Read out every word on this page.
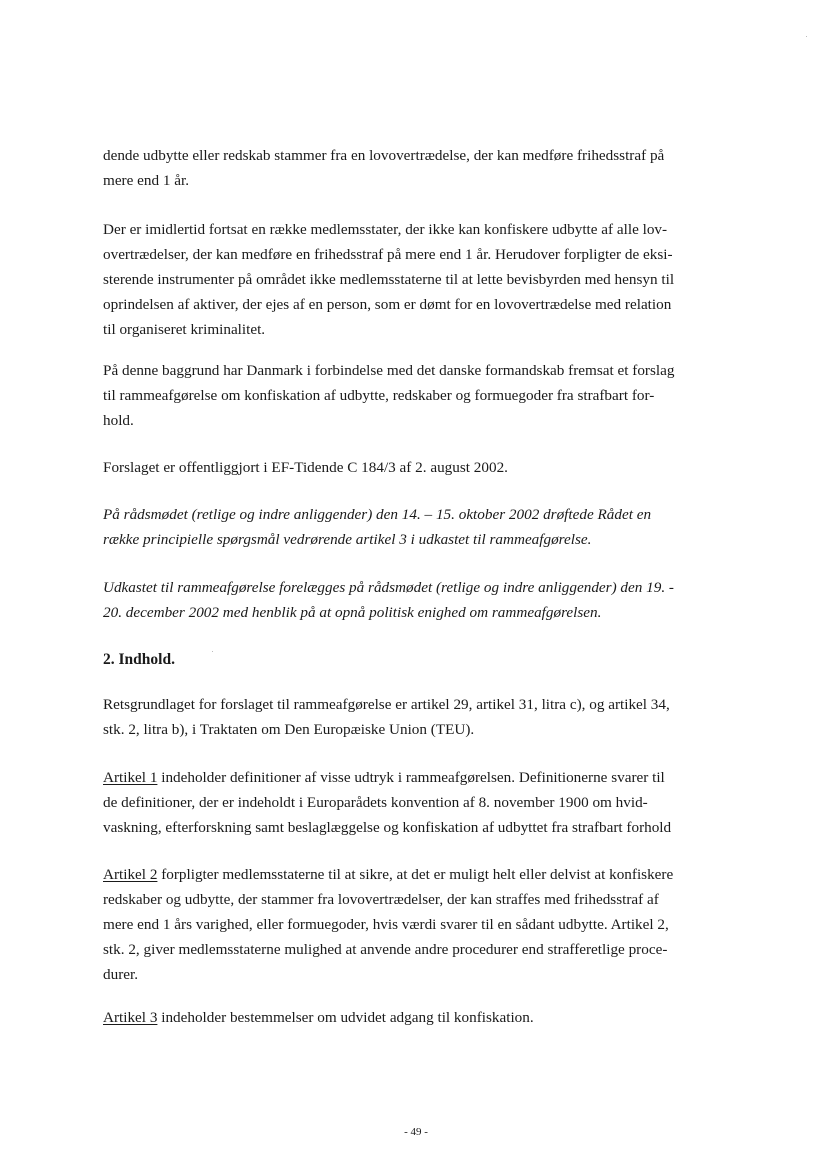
dende udbytte eller redskab stammer fra en lovovertrædelse, der kan medføre frihedsstraf på
mere end 1 år.

Der er imidlertid fortsat en række medlemsstater, der ikke kan konfiskere udbytte af alle lov-
overtrædelser, der kan medføre en frihedsstraf på mere end 1 år. Herudover forpligter de eksi-
sterende instrumenter på området ikke medlemsstaterne til at lette bevisbyrden med hensyn til
oprindelsen af aktiver, der ejes af en person, som er dømt for en lovovertrædelse med relation
til organiseret kriminalitet.

På denne baggrund har Danmark i forbindelse med det danske formandskab fremsat et forslag
til rammeafgørelse om konfiskation af udbytte, redskaber og formuegoder fra strafbart for-
hold.

Forslaget er offentliggjort i EF-Tidende C 184/3 af 2. august 2002.

På rådsmødet (retlige og indre anliggender) den 14. – 15. oktober 2002 drøftede Rådet en
række principielle spørgsmål vedrørende artikel 3 i udkastet til rammeafgørelse.

Udkastet til rammeafgørelse forelægges på rådsmødet (retlige og indre anliggender) den 19. -
20. december 2002 med henblik på at opnå politisk enighed om rammeafgørelsen.

2. Indhold.

Retsgrundlaget for forslaget til rammeafgørelse er artikel 29, artikel 31, litra c), og artikel 34,
stk. 2, litra b), i Traktaten om Den Europæiske Union (TEU).

Artikel 1 indeholder definitioner af visse udtryk i rammeafgørelsen. Definitionerne svarer til
de definitioner, der er indeholdt i Europarådets konvention af 8. november 1900 om hvid-
vaskning, efterforskning samt beslaglæggelse og konfiskation af udbyttet fra strafbart forhold

Artikel 2 forpligter medlemsstaterne til at sikre, at det er muligt helt eller delvist at konfiskere
redskaber og udbytte, der stammer fra lovovertrædelser, der kan straffes med frihedsstraf af
mere end 1 års varighed, eller formuegoder, hvis værdi svarer til en sådant udbytte. Artikel 2,
stk. 2, giver medlemsstaterne mulighed at anvende andre procedurer end strafferetlige proce-
durer.

Artikel 3 indeholder bestemmelser om udvidet adgang til konfiskation.

- 49 -
